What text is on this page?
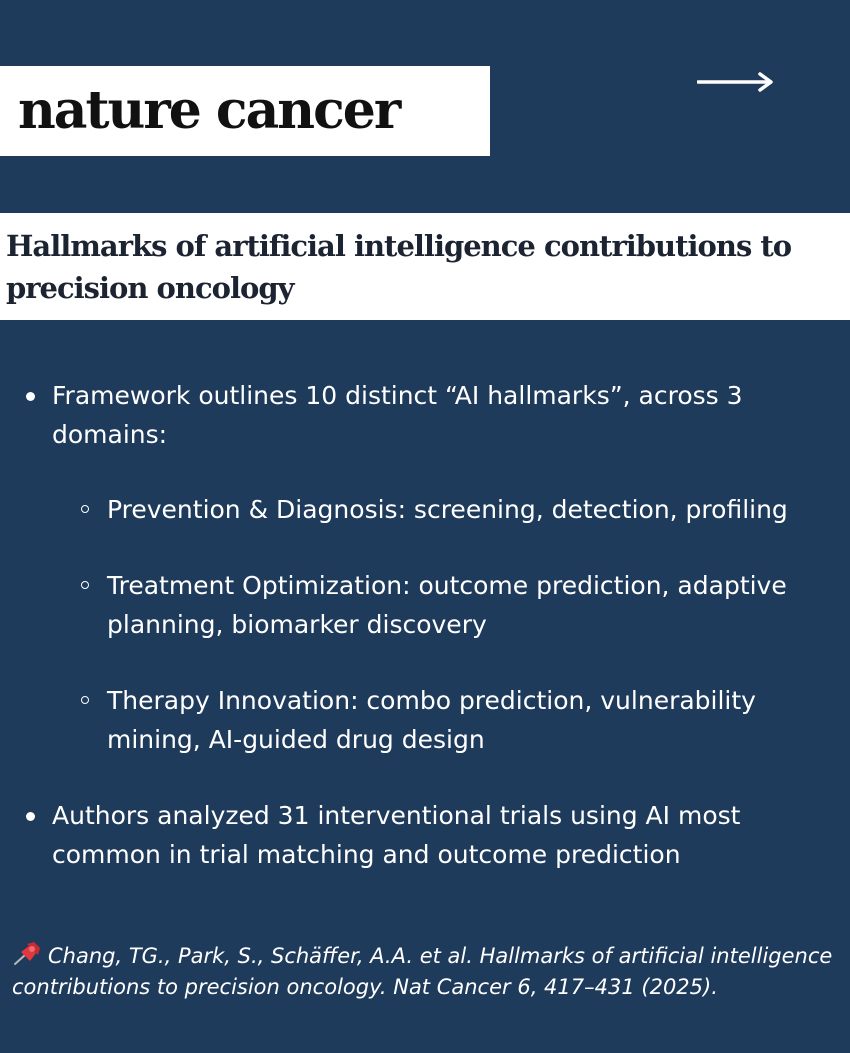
nature cancer
Hallmarks of artificial intelligence contributions to precision oncology
Framework outlines 10 distinct “AI hallmarks”, across 3 domains:
Prevention & Diagnosis: screening, detection, profiling
Treatment Optimization: outcome prediction, adaptive planning, biomarker discovery
Therapy Innovation: combo prediction, vulnerability mining, AI-guided drug design
Authors analyzed 31 interventional trials using AI most common in trial matching and outcome prediction
Chang, TG., Park, S., Schäffer, A.A. et al. Hallmarks of artificial intelligence contributions to precision oncology. Nat Cancer 6, 417–431 (2025).
